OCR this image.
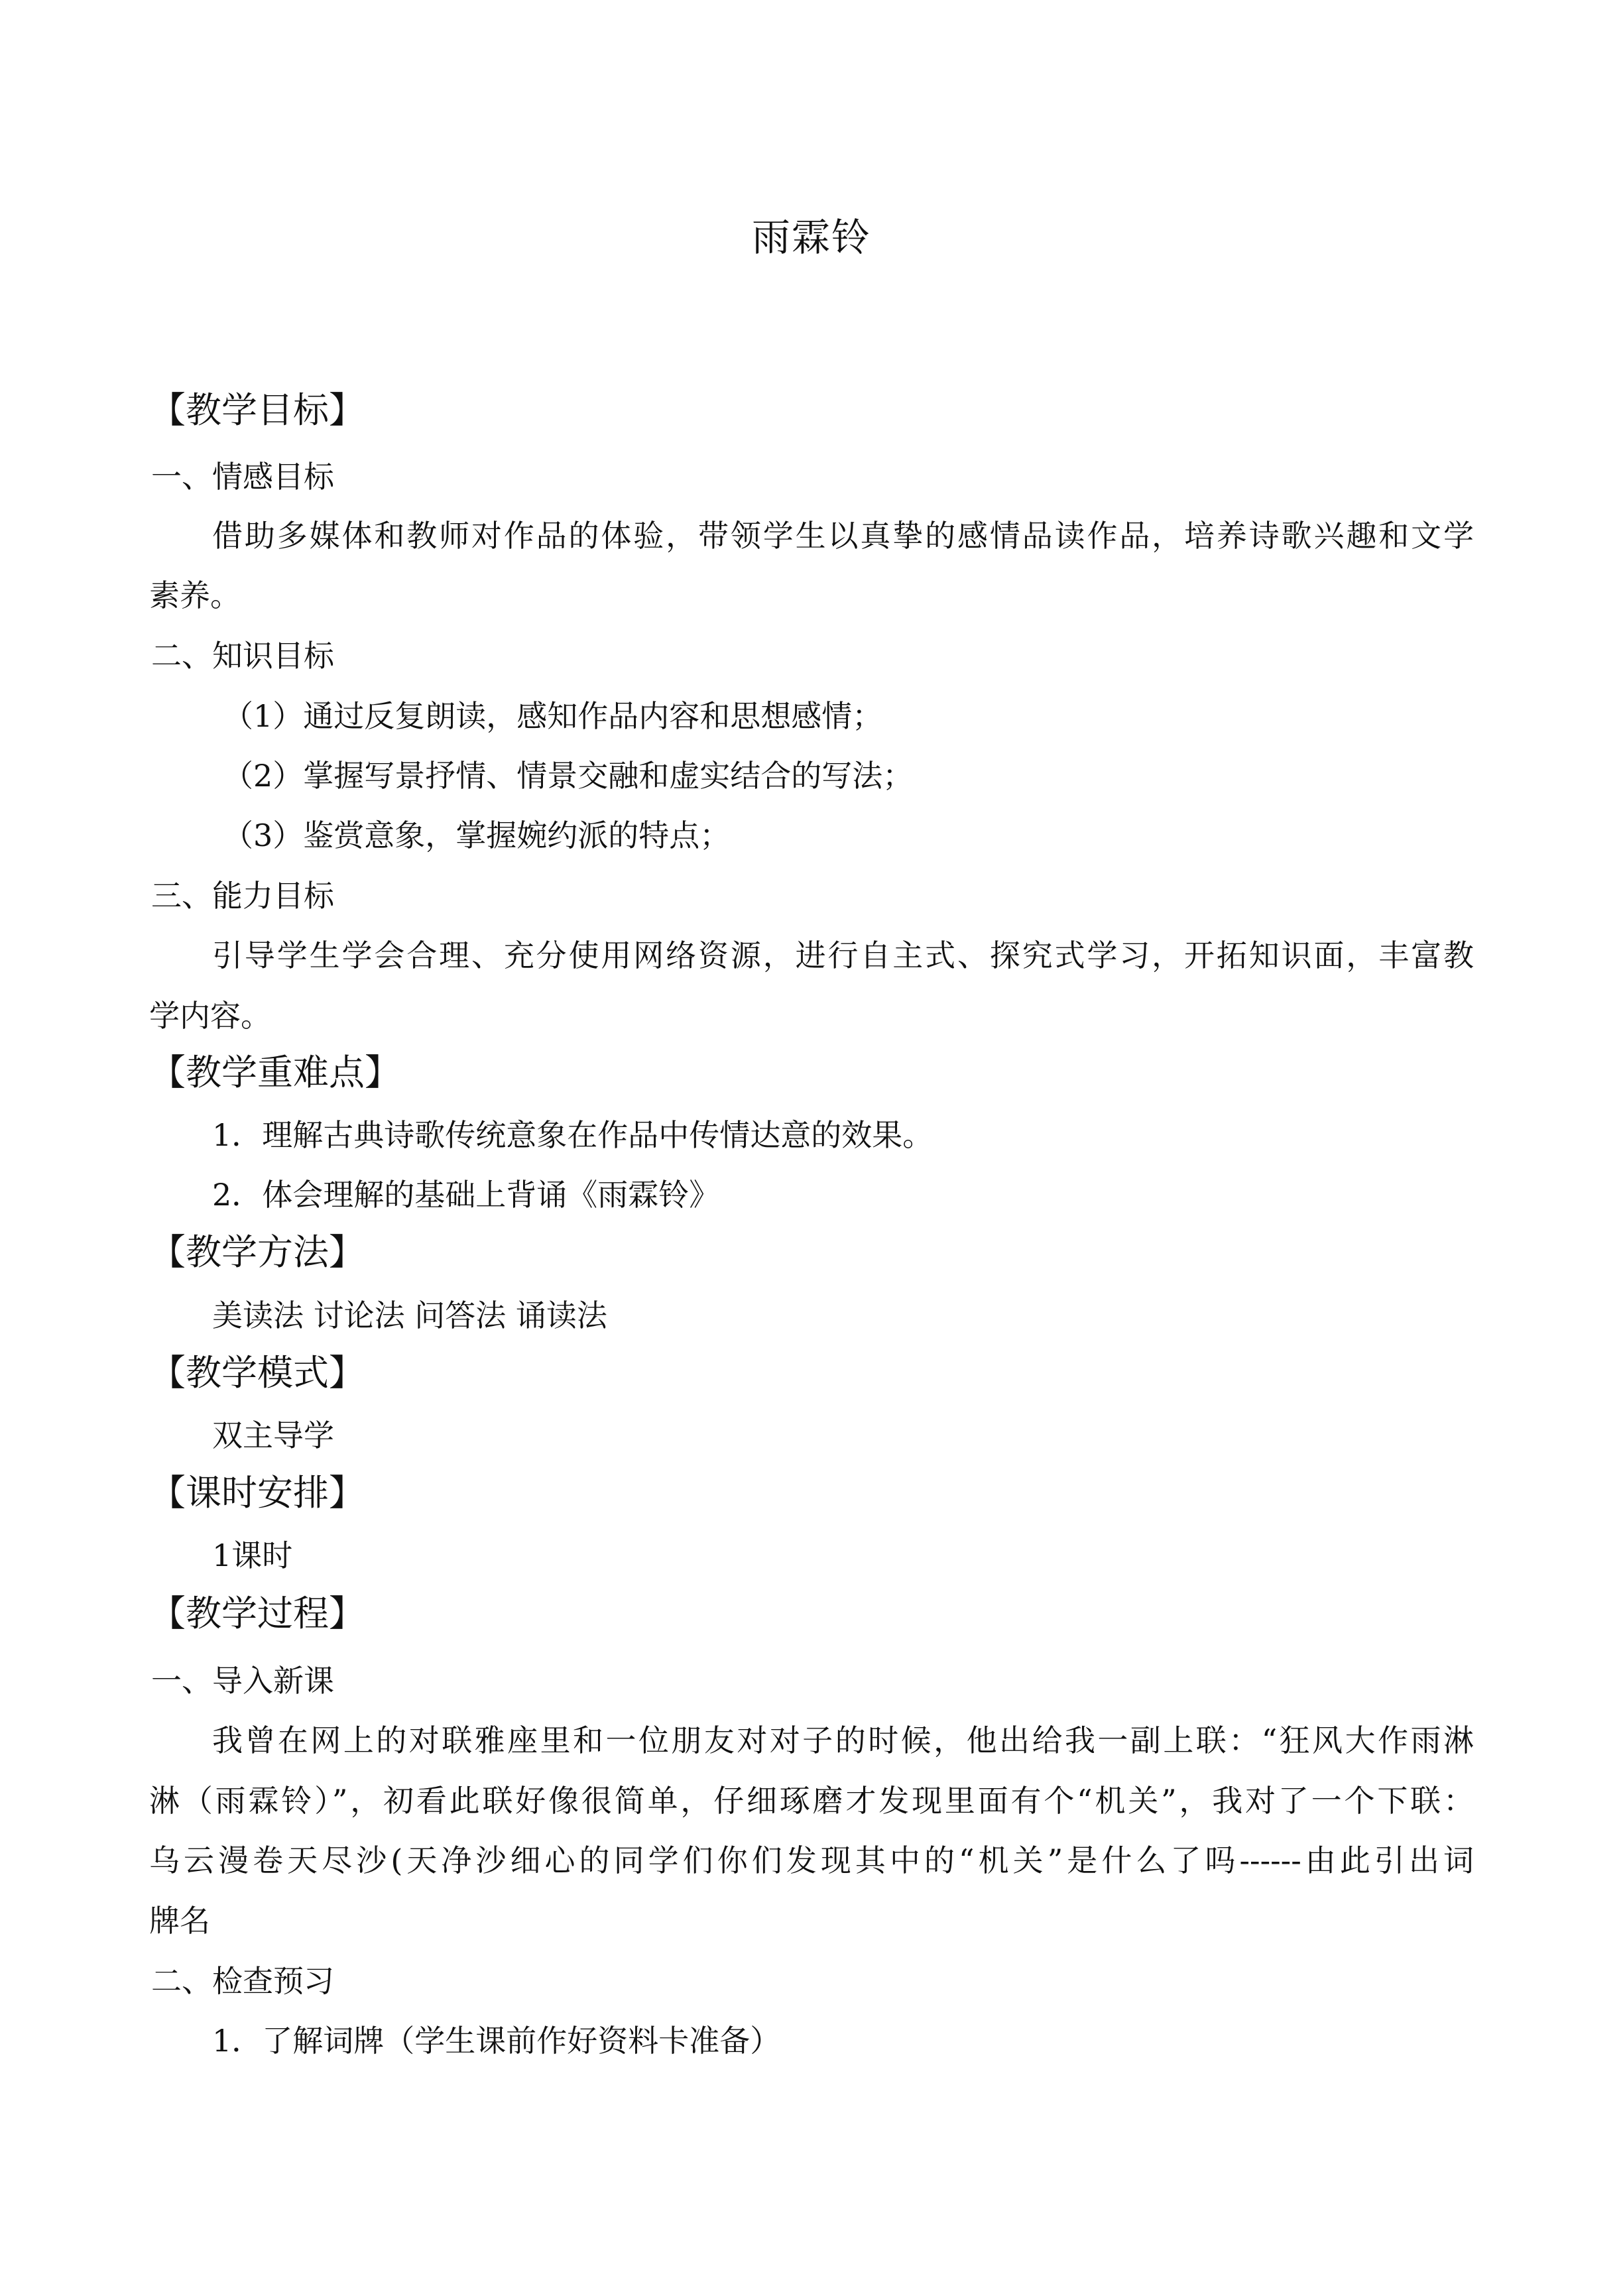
雨霖铃
【教学目标】
一、情感目标
借助多媒体和教师对作品的体验，带领学生以真挚的感情品读作品，培养诗歌兴趣和文学
素养。
二、知识目标
（1）通过反复朗读，感知作品内容和思想感情；
（2）掌握写景抒情、情景交融和虚实结合的写法；
（3）鉴赏意象，掌握婉约派的特点；
三、能力目标
引导学生学会合理、充分使用网络资源，进行自主式、探究式学习，开拓知识面，丰富教
学内容。
【教学重难点】
1．理解古典诗歌传统意象在作品中传情达意的效果。
2．体会理解的基础上背诵《雨霖铃》
【教学方法】
美读法 讨论法 问答法 诵读法
【教学模式】
双主导学
【课时安排】
1课时
【教学过程】
一、导入新课
我曾在网上的对联雅座里和一位朋友对对子的时候，他出给我一副上联：“狂风大作雨淋
淋（雨霖铃）”，初看此联好像很简单，仔细琢磨才发现里面有个“机关”，我对了一个下联：
乌云漫卷天尽沙(天净沙细心的同学们你们发现其中的“机关”是什么了吗------由此引出词
牌名
二、检查预习
1．了解词牌（学生课前作好资料卡准备）
